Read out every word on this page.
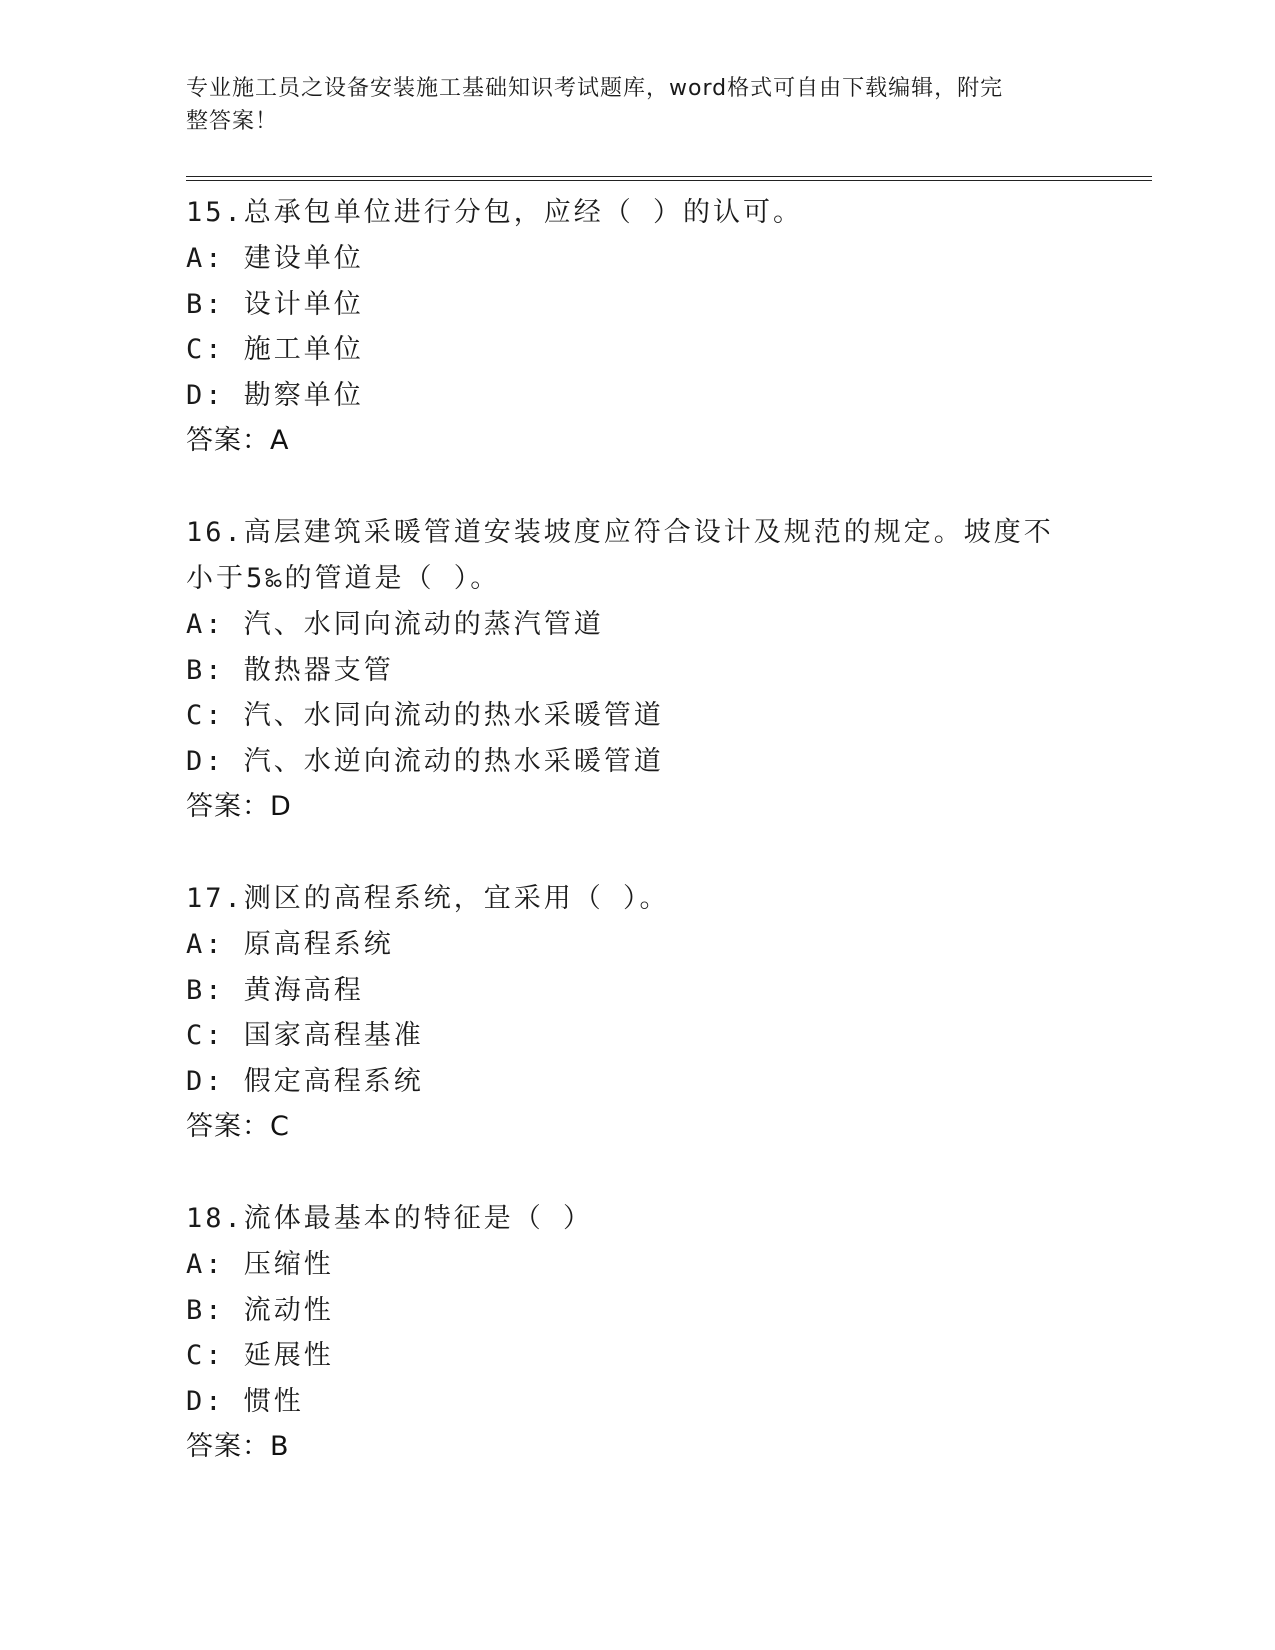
专业施工员之设备安装施工基础知识考试题库，word格式可自由下载编辑，附完
整答案！
15.总承包单位进行分包，应经（ ）的认可。
A: 建设单位
B: 设计单位
C: 施工单位
D: 勘察单位
答案：A
16.高层建筑采暖管道安装坡度应符合设计及规范的规定。坡度不小于5‰的管道是（ ）。
A: 汽、水同向流动的蒸汽管道
B: 散热器支管
C: 汽、水同向流动的热水采暖管道
D: 汽、水逆向流动的热水采暖管道
答案：D
17.测区的高程系统，宜采用（ ）。
A: 原高程系统
B: 黄海高程
C: 国家高程基准
D: 假定高程系统
答案：C
18.流体最基本的特征是（ ）
A: 压缩性
B: 流动性
C: 延展性
D: 惯性
答案：B
